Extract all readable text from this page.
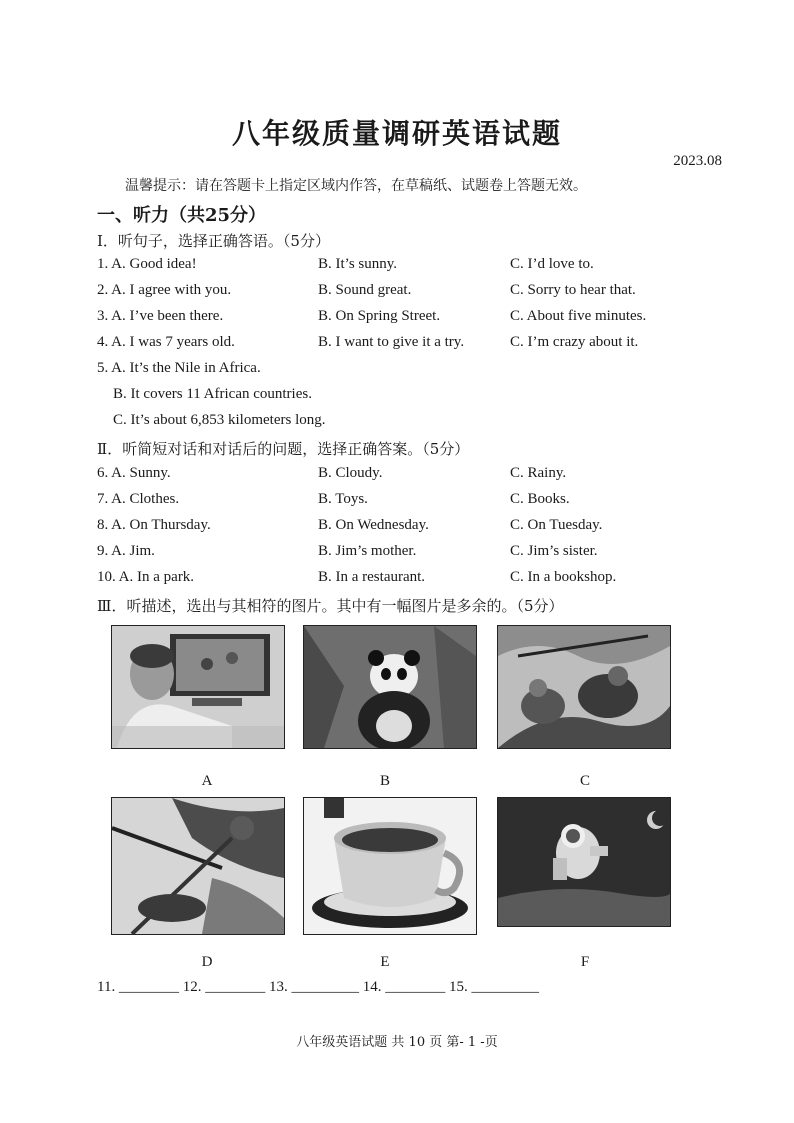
八年级质量调研英语试题
2023.08
温馨提示：请在答题卡上指定区域内作答，在草稿纸、试题卷上答题无效。
一、听力（共25分）
Ⅰ．听句子，选择正确答语。（5分）
1. A. Good idea!	B. It’s sunny.	C. I’d love to.
2. A. I agree with you.	B. Sound great.	C. Sorry to hear that.
3. A. I’ve been there.	B. On Spring Street.	C. About five minutes.
4. A. I was 7 years old.	B. I want to give it a try.	C. I’m crazy about it.
5. A. It’s the Nile in Africa.
B. It covers 11 African countries.
C. It’s about 6,853 kilometers long.
Ⅱ．听简短对话和对话后的问题，选择正确答案。（5分）
6. A. Sunny.	B. Cloudy.	C. Rainy.
7. A. Clothes.	B. Toys.	C. Books.
8. A. On Thursday.	B. On Wednesday.	C. On Tuesday.
9. A. Jim.	B. Jim’s mother.	C. Jim’s sister.
10. A. In a park.	B. In a restaurant.	C. In a bookshop.
Ⅲ．听描述，选出与其相符的图片。其中有一幅图片是多余的。（5分）
A	B	C
D	E	F
11. ________ 12. ________ 13. _________ 14. ________ 15. _________
八年级英语试题 共 10 页 第- 1 -页
